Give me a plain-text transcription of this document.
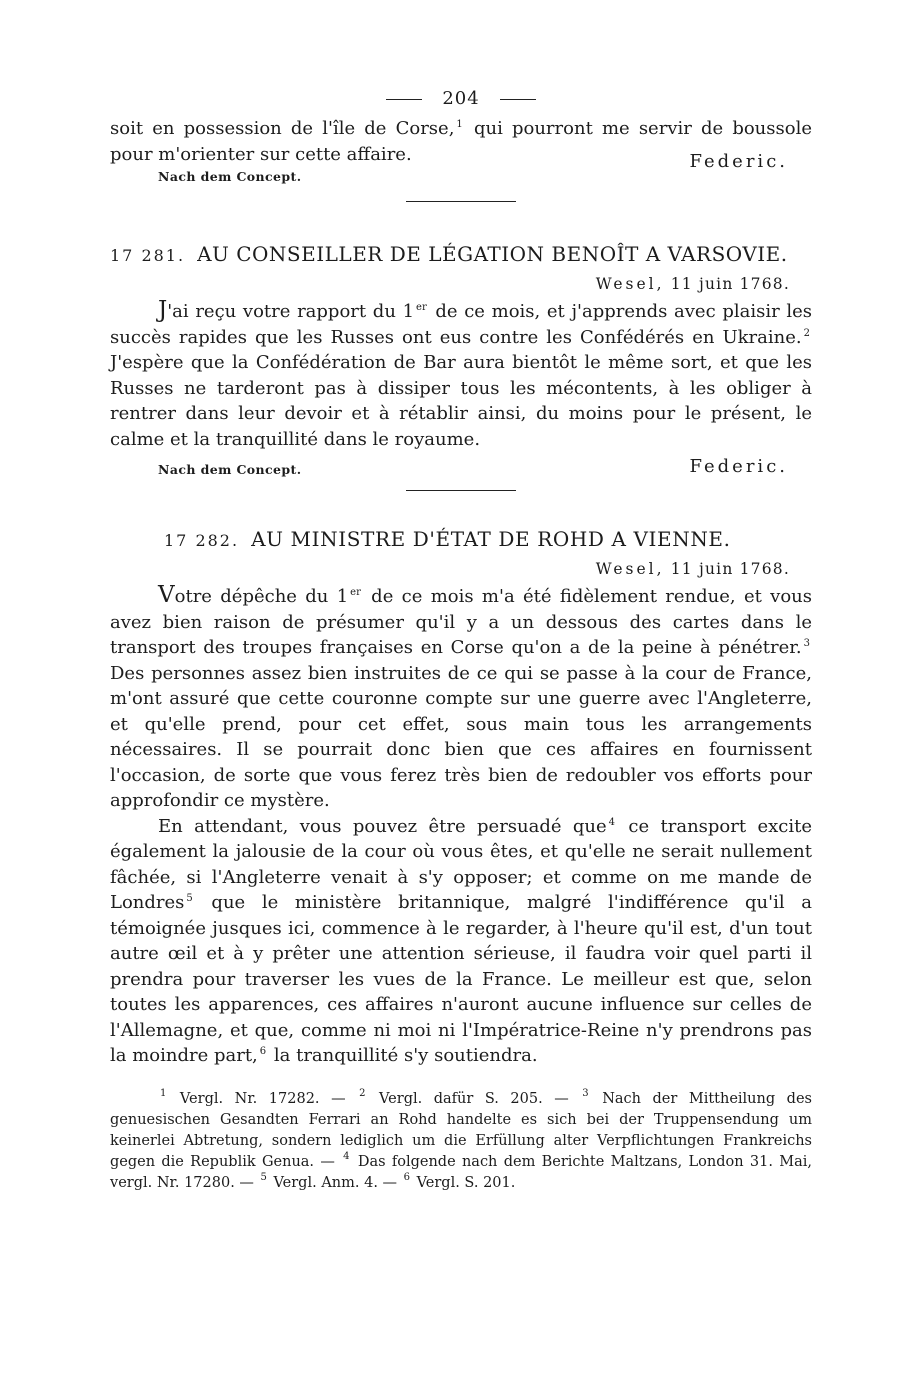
204

soit en possession de l'île de Corse, $^1$ qui pourront me servir de boussole pour m'orienter sur cette affaire.	Federic.
Nach dem Concept.
17 281. AU CONSEILLER DE LÉGATION BENOÎT A VARSOVIE.
Wesel, 11 juin 1768.

J'ai reçu votre rapport du 1 $^{er}$ de ce mois, et j'apprends avec plaisir les succès rapides que les Russes ont eus contre les Confédérés en Ukraine. $^2$ J'espère que la Confédération de Bar aura bientôt le même sort, et que les Russes ne tarderont pas à dissiper tous les mécontents, à les obliger à rentrer dans leur devoir et à rétablir ainsi, du moins pour le présent, le calme et la tranquillité dans le royaume.

Nach dem Concept.	Federic.
17 282. AU MINISTRE D'ÉTAT DE ROHD A VIENNE.
Wesel, 11 juin 1768.

Votre dépêche du 1 $^{er}$ de ce mois m'a été fidèlement rendue, et vous avez bien raison de présumer qu'il y a un dessous des cartes dans le transport des troupes françaises en Corse qu'on a de la peine à pénétrer. $^3$ Des personnes assez bien instruites de ce qui se passe à la cour de France, m'ont assuré que cette couronne compte sur une guerre avec l'Angleterre, et qu'elle prend, pour cet effet, sous main tous les arrangements nécessaires. Il se pourrait donc bien que ces affaires en fournissent l'occasion, de sorte que vous ferez très bien de redoubler vos efforts pour approfondir ce mystère.

En attendant, vous pouvez être persuadé que $^4$ ce transport excite également la jalousie de la cour où vous êtes, et qu'elle ne serait nullement fâchée, si l'Angleterre venait à s'y opposer; et comme on me mande de Londres $^5$ que le ministère britannique, malgré l'indifférence qu'il a témoignée jusques ici, commence à le regarder, à l'heure qu'il est, d'un tout autre œil et à y prêter une attention sérieuse, il faudra voir quel parti il prendra pour traverser les vues de la France. Le meilleur est que, selon toutes les apparences, ces affaires n'auront aucune influence sur celles de l'Allemagne, et que, comme ni moi ni l'Impératrice-Reine n'y prendrons pas la moindre part, $^6$ la tranquillité s'y soutiendra.

$^1$ Vergl. Nr. 17282. — $^2$ Vergl. dafür S. 205. — $^3$ Nach der Mittheilung des genuesischen Gesandten Ferrari an Rohd handelte es sich bei der Truppensendung um keinerlei Abtretung, sondern lediglich um die Erfüllung alter Verpflichtungen Frankreichs gegen die Republik Genua. — $^4$ Das folgende nach dem Berichte Maltzans, London 31. Mai, vergl. Nr. 17280. — $^5$ Vergl. Anm. 4. — $^6$ Vergl. S. 201.
